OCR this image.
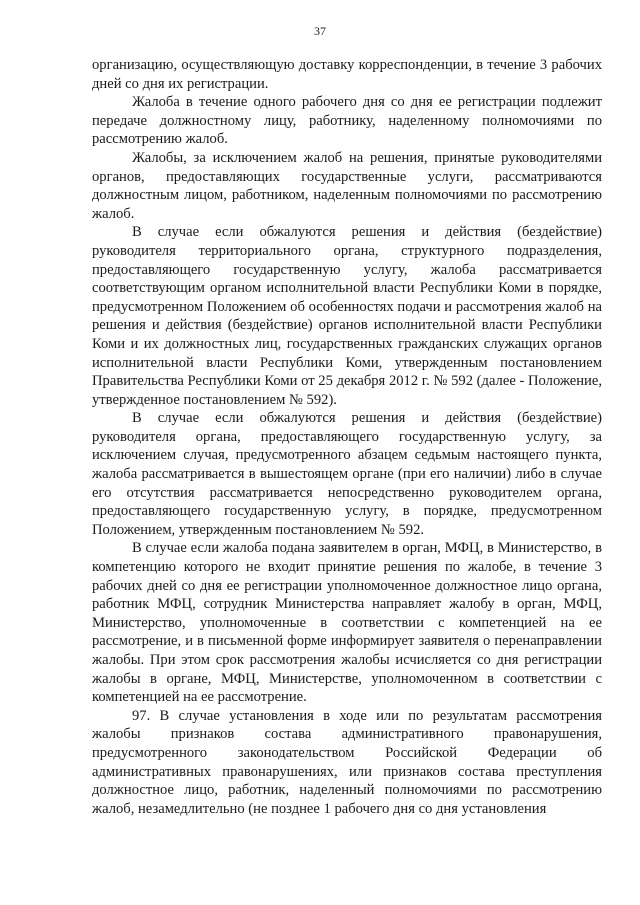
37

организацию, осуществляющую доставку корреспонденции, в течение 3 рабочих дней со дня их регистрации.

Жалоба в течение одного рабочего дня со дня ее регистрации подлежит передаче должностному лицу, работнику, наделенному полномочиями по рассмотрению жалоб.

Жалобы, за исключением жалоб на решения, принятые руководителями органов, предоставляющих государственные услуги, рассматриваются должностным лицом, работником, наделенным полномочиями по рассмотрению жалоб.

В случае если обжалуются решения и действия (бездействие) руководителя территориального органа, структурного подразделения, предоставляющего государственную услугу, жалоба рассматривается соответствующим органом исполнительной власти Республики Коми в порядке, предусмотренном Положением об особенностях подачи и рассмотрения жалоб на решения и действия (бездействие) органов исполнительной власти Республики Коми и их должностных лиц, государственных гражданских служащих органов исполнительной власти Республики Коми, утвержденным постановлением Правительства Республики Коми от 25 декабря 2012 г. № 592 (далее - Положение, утвержденное постановлением № 592).

В случае если обжалуются решения и действия (бездействие) руководителя органа, предоставляющего государственную услугу, за исключением случая, предусмотренного абзацем седьмым настоящего пункта, жалоба рассматривается в вышестоящем органе (при его наличии) либо в случае его отсутствия рассматривается непосредственно руководителем органа, предоставляющего государственную услугу, в порядке, предусмотренном Положением, утвержденным постановлением № 592.

В случае если жалоба подана заявителем в орган, МФЦ, в Министерство, в компетенцию которого не входит принятие решения по жалобе, в течение 3 рабочих дней со дня ее регистрации уполномоченное должностное лицо органа, работник МФЦ, сотрудник Министерства направляет жалобу в орган, МФЦ, Министерство, уполномоченные в соответствии с компетенцией на ее рассмотрение, и в письменной форме информирует заявителя о перенаправлении жалобы. При этом срок рассмотрения жалобы исчисляется со дня регистрации жалобы в органе, МФЦ, Министерстве, уполномоченном в соответствии с компетенцией на ее рассмотрение.

97. В случае установления в ходе или по результатам рассмотрения жалобы признаков состава административного правонарушения, предусмотренного законодательством Российской Федерации об административных правонарушениях, или признаков состава преступления должностное лицо, работник, наделенный полномочиями по рассмотрению жалоб, незамедлительно (не позднее 1 рабочего дня со дня установления
